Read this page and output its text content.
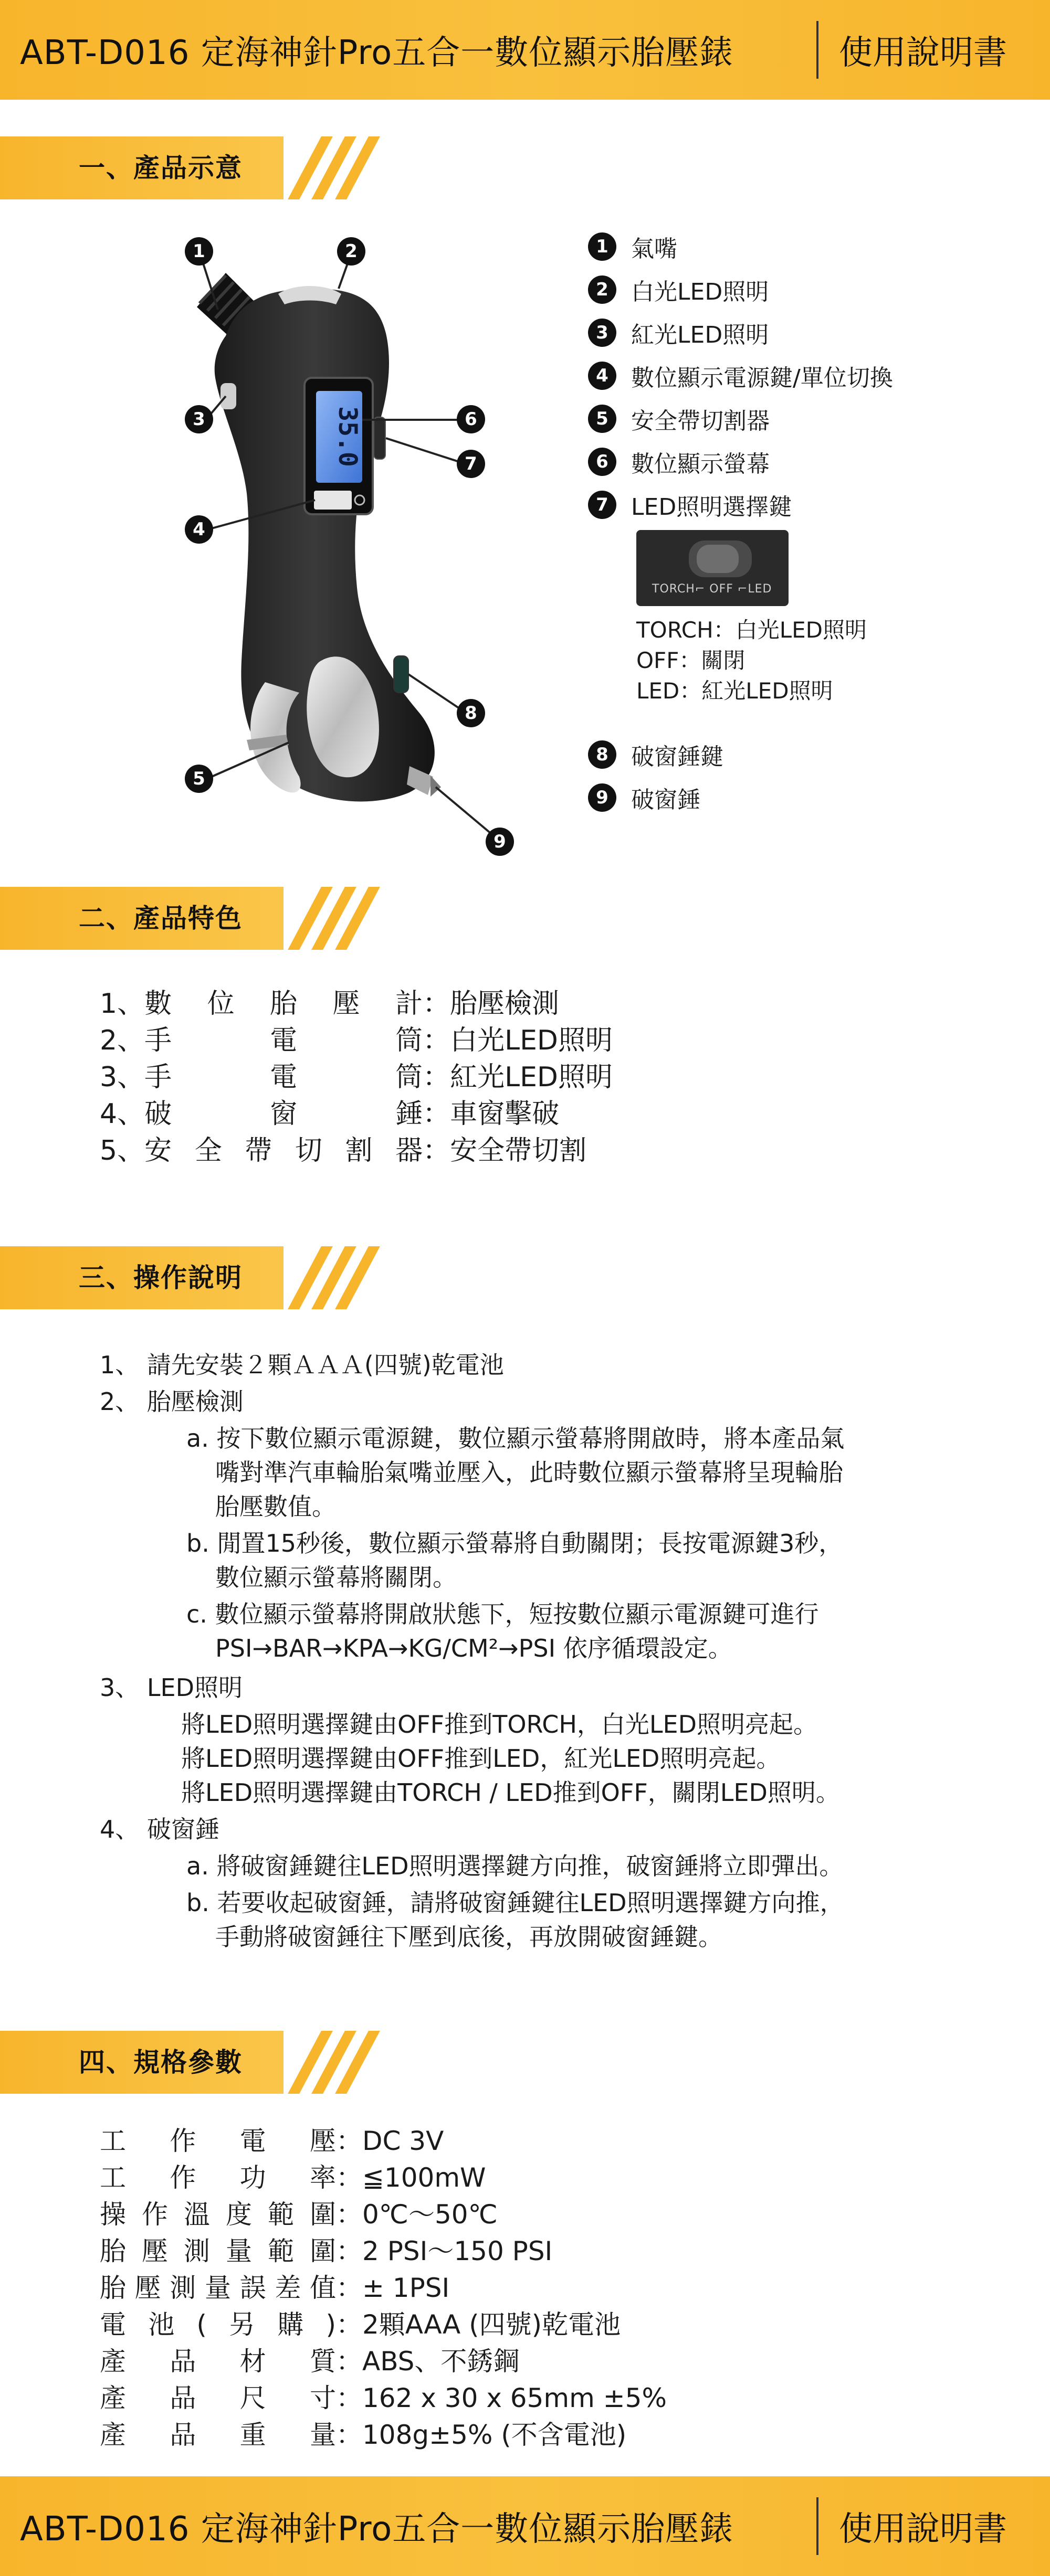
ABT-D016 定海神針Pro五合一數位顯示胎壓錶	使用說明書
一、產品示意
35.0
1	2
3
4
5
6
7
8
9
1 氣嘴
2 白光LED照明
3 紅光LED照明
4 數位顯示電源鍵/單位切換
5 安全帶切割器
6 數位顯示螢幕
7 LED照明選擇鍵
8 破窗錘鍵
9 破窗錘
TORCH⌐ OFF ⌐LED
TORCH：白光LED照明
OFF：關閉
LED：紅光LED照明
二、產品特色
1、數位胎壓計：胎壓檢測
2、手電筒：白光LED照明
3、手電筒：紅光LED照明
4、破窗錘：車窗擊破
5、安全帶切割器：安全帶切割
三、操作說明
1、 請先安裝２顆ＡＡＡ(四號)乾電池
2、 胎壓檢測
a. 按下數位顯示電源鍵，數位顯示螢幕將開啟時，將本產品氣
嘴對準汽車輪胎氣嘴並壓入，此時數位顯示螢幕將呈現輪胎
胎壓數值。
b. 閒置15秒後，數位顯示螢幕將自動關閉；長按電源鍵3秒，
數位顯示螢幕將關閉。
c. 數位顯示螢幕將開啟狀態下，短按數位顯示電源鍵可進行
PSI→BAR→KPA→KG/CM²→PSI 依序循環設定。
3、 LED照明
將LED照明選擇鍵由OFF推到TORCH，白光LED照明亮起。
將LED照明選擇鍵由OFF推到LED，紅光LED照明亮起。
將LED照明選擇鍵由TORCH / LED推到OFF，關閉LED照明。
4、 破窗錘
a. 將破窗錘鍵往LED照明選擇鍵方向推，破窗錘將立即彈出。
b. 若要收起破窗錘，請將破窗錘鍵往LED照明選擇鍵方向推，
手動將破窗錘往下壓到底後，再放開破窗錘鍵。
四、規格參數
工作電壓：DC 3V
工作功率：≦100mW
操作溫度範圍：0℃～50℃
胎壓測量範圍：2 PSI～150 PSI
胎壓測量誤差值：± 1PSI
電池(另購)：2顆AAA (四號)乾電池
產品材質：ABS、不銹鋼
產品尺寸：162 x 30 x 65mm ±5%
產品重量：108g±5% (不含電池)
ABT-D016 定海神針Pro五合一數位顯示胎壓錶	使用說明書
